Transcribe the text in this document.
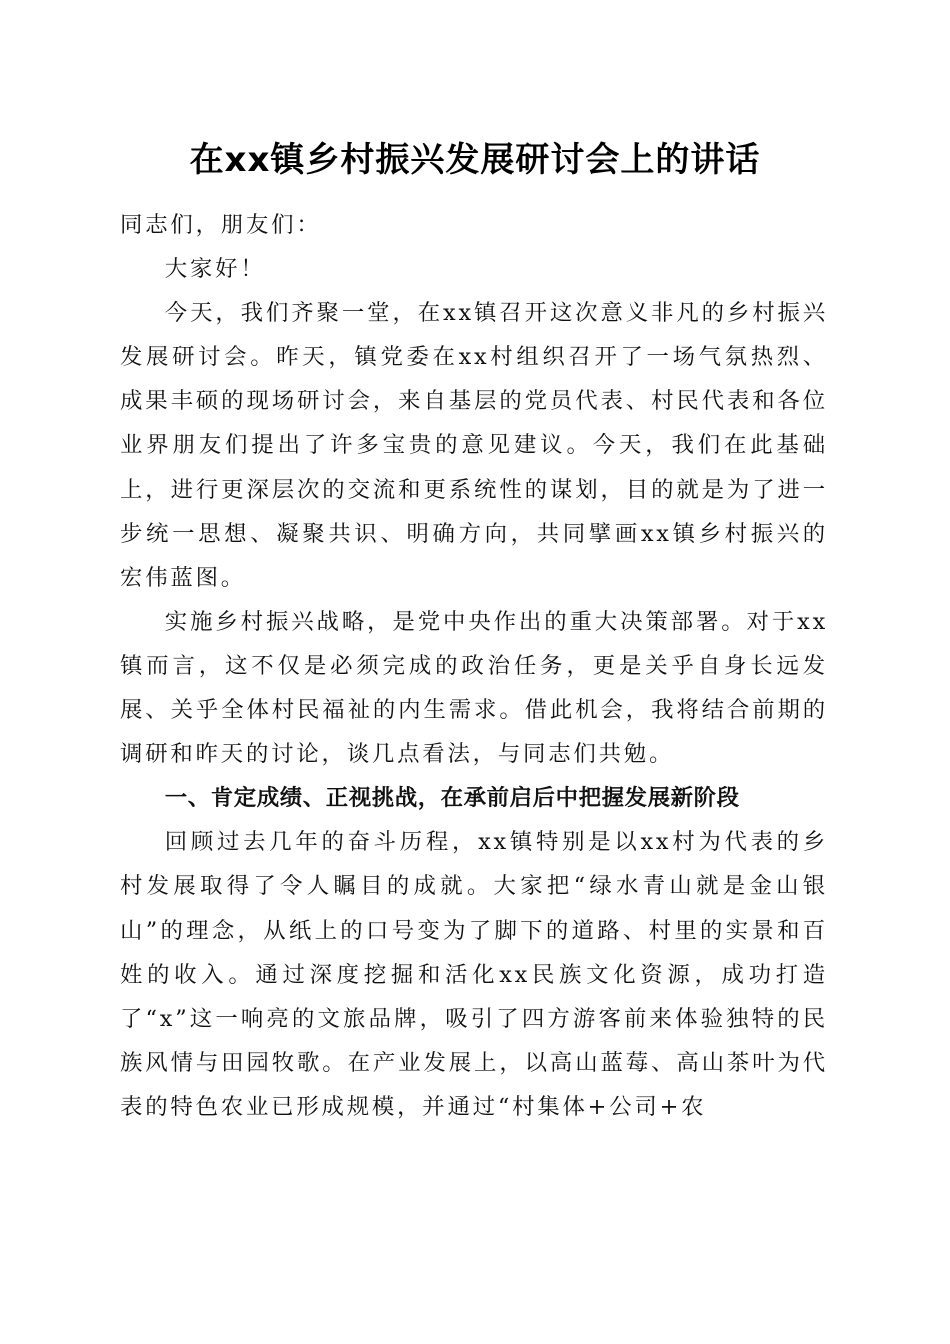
在xx镇乡村振兴发展研讨会上的讲话

同志们，朋友们：

大家好！

今天，我们齐聚一堂，在xx镇召开这次意义非凡的乡村振兴发展研讨会。昨天，镇党委在xx村组织召开了一场气氛热烈、成果丰硕的现场研讨会，来自基层的党员代表、村民代表和各位业界朋友们提出了许多宝贵的意见建议。今天，我们在此基础上，进行更深层次的交流和更系统性的谋划，目的就是为了进一步统一思想、凝聚共识、明确方向，共同擘画xx镇乡村振兴的宏伟蓝图。

实施乡村振兴战略，是党中央作出的重大决策部署。对于xx镇而言，这不仅是必须完成的政治任务，更是关乎自身长远发展、关乎全体村民福祉的内生需求。借此机会，我将结合前期的调研和昨天的讨论，谈几点看法，与同志们共勉。

一、肯定成绩、正视挑战，在承前启后中把握发展新阶段

回顾过去几年的奋斗历程，xx镇特别是以xx村为代表的乡村发展取得了令人瞩目的成就。大家把“绿水青山就是金山银山”的理念，从纸上的口号变为了脚下的道路、村里的实景和百姓的收入。通过深度挖掘和活化xx民族文化资源，成功打造了“x”这一响亮的文旅品牌，吸引了四方游客前来体验独特的民族风情与田园牧歌。在产业发展上，以高山蓝莓、高山茶叶为代表的特色农业已形成规模，并通过“村集体+公司+农
